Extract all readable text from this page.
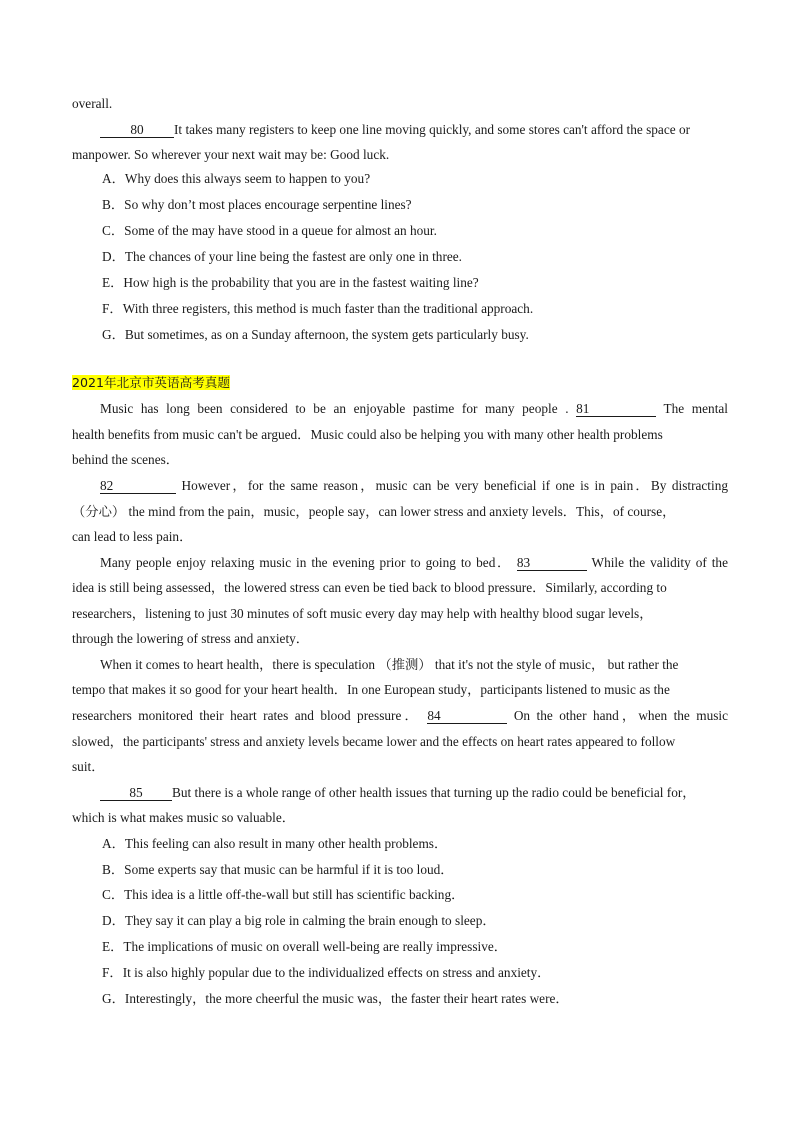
overall.
80 It takes many registers to keep one line moving quickly, and some stores can't afford the space or
manpower. So wherever your next wait may be: Good luck.
A．Why does this always seem to happen to you?
B．So why don’t most places encourage serpentine lines?
C．Some of the may have stood in a queue for almost an hour.
D．The chances of your line being the fastest are only one in three.
E．How high is the probability that you are in the fastest waiting line?
F．With three registers, this method is much faster than the traditional approach.
G．But sometimes, as on a Sunday afternoon, the system gets particularly busy.
2021年北京市英语高考真题
Music has long been considered to be an enjoyable pastime for many people . 81	The mental
health benefits from music can't be argued．Music could also be helping you with many other health problems
behind the scenes．
82	However，for the same reason，music can be very beneficial if one is in pain．By distracting
（分心） the mind from the pain，music，people say，can lower stress and anxiety levels．This，of course，
can lead to less pain．
Many people enjoy relaxing music in the evening prior to going to bed． 83	While the validity of the
idea is still being assessed，the lowered stress can even be tied back to blood pressure．Similarly, according to
researchers，listening to just 30 minutes of soft music every day may help with healthy blood sugar levels，
through the lowering of stress and anxiety．
When it comes to heart health，there is speculation （推测） that it's not the style of music， but rather the
tempo that makes it so good for your heart health．In one European study，participants listened to music as the
researchers monitored their heart rates and blood pressure． 84	On the other hand，when the music
slowed，the participants' stress and anxiety levels became lower and the effects on heart rates appeared to follow
suit．
85 But there is a whole range of other health issues that turning up the radio could be beneficial for，
which is what makes music so valuable．
A．This feeling can also result in many other health problems．
B．Some experts say that music can be harmful if it is too loud．
C．This idea is a little off-the-wall but still has scientific backing．
D．They say it can play a big role in calming the brain enough to sleep．
E．The implications of music on overall well-being are really impressive．
F．It is also highly popular due to the individualized effects on stress and anxiety．
G．Interestingly，the more cheerful the music was，the faster their heart rates were．
